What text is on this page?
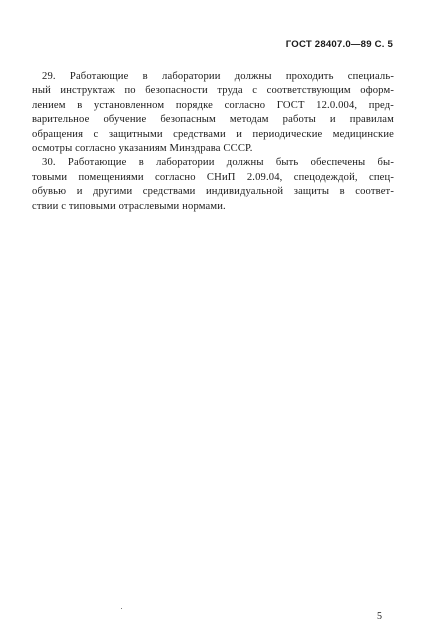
ГОСТ 28407.0—89 С. 5

29. Работающие в лаборатории должны проходить специаль-
ный инструктаж по безопасности труда с соответствующим оформ-
лением в установленном порядке согласно ГОСТ 12.0.004, пред-
варительное обучение безопасным методам работы и правилам
обращения с защитными средствами и периодические медицинские
осмотры согласно указаниям Минздрава СССР.

30. Работающие в лаборатории должны быть обеспечены бы-
товыми помещениями согласно СНиП 2.09.04, спецодеждой, спец-
обувью и другими средствами индивидуальной защиты в соответ-
ствии с типовыми отраслевыми нормами.

5
